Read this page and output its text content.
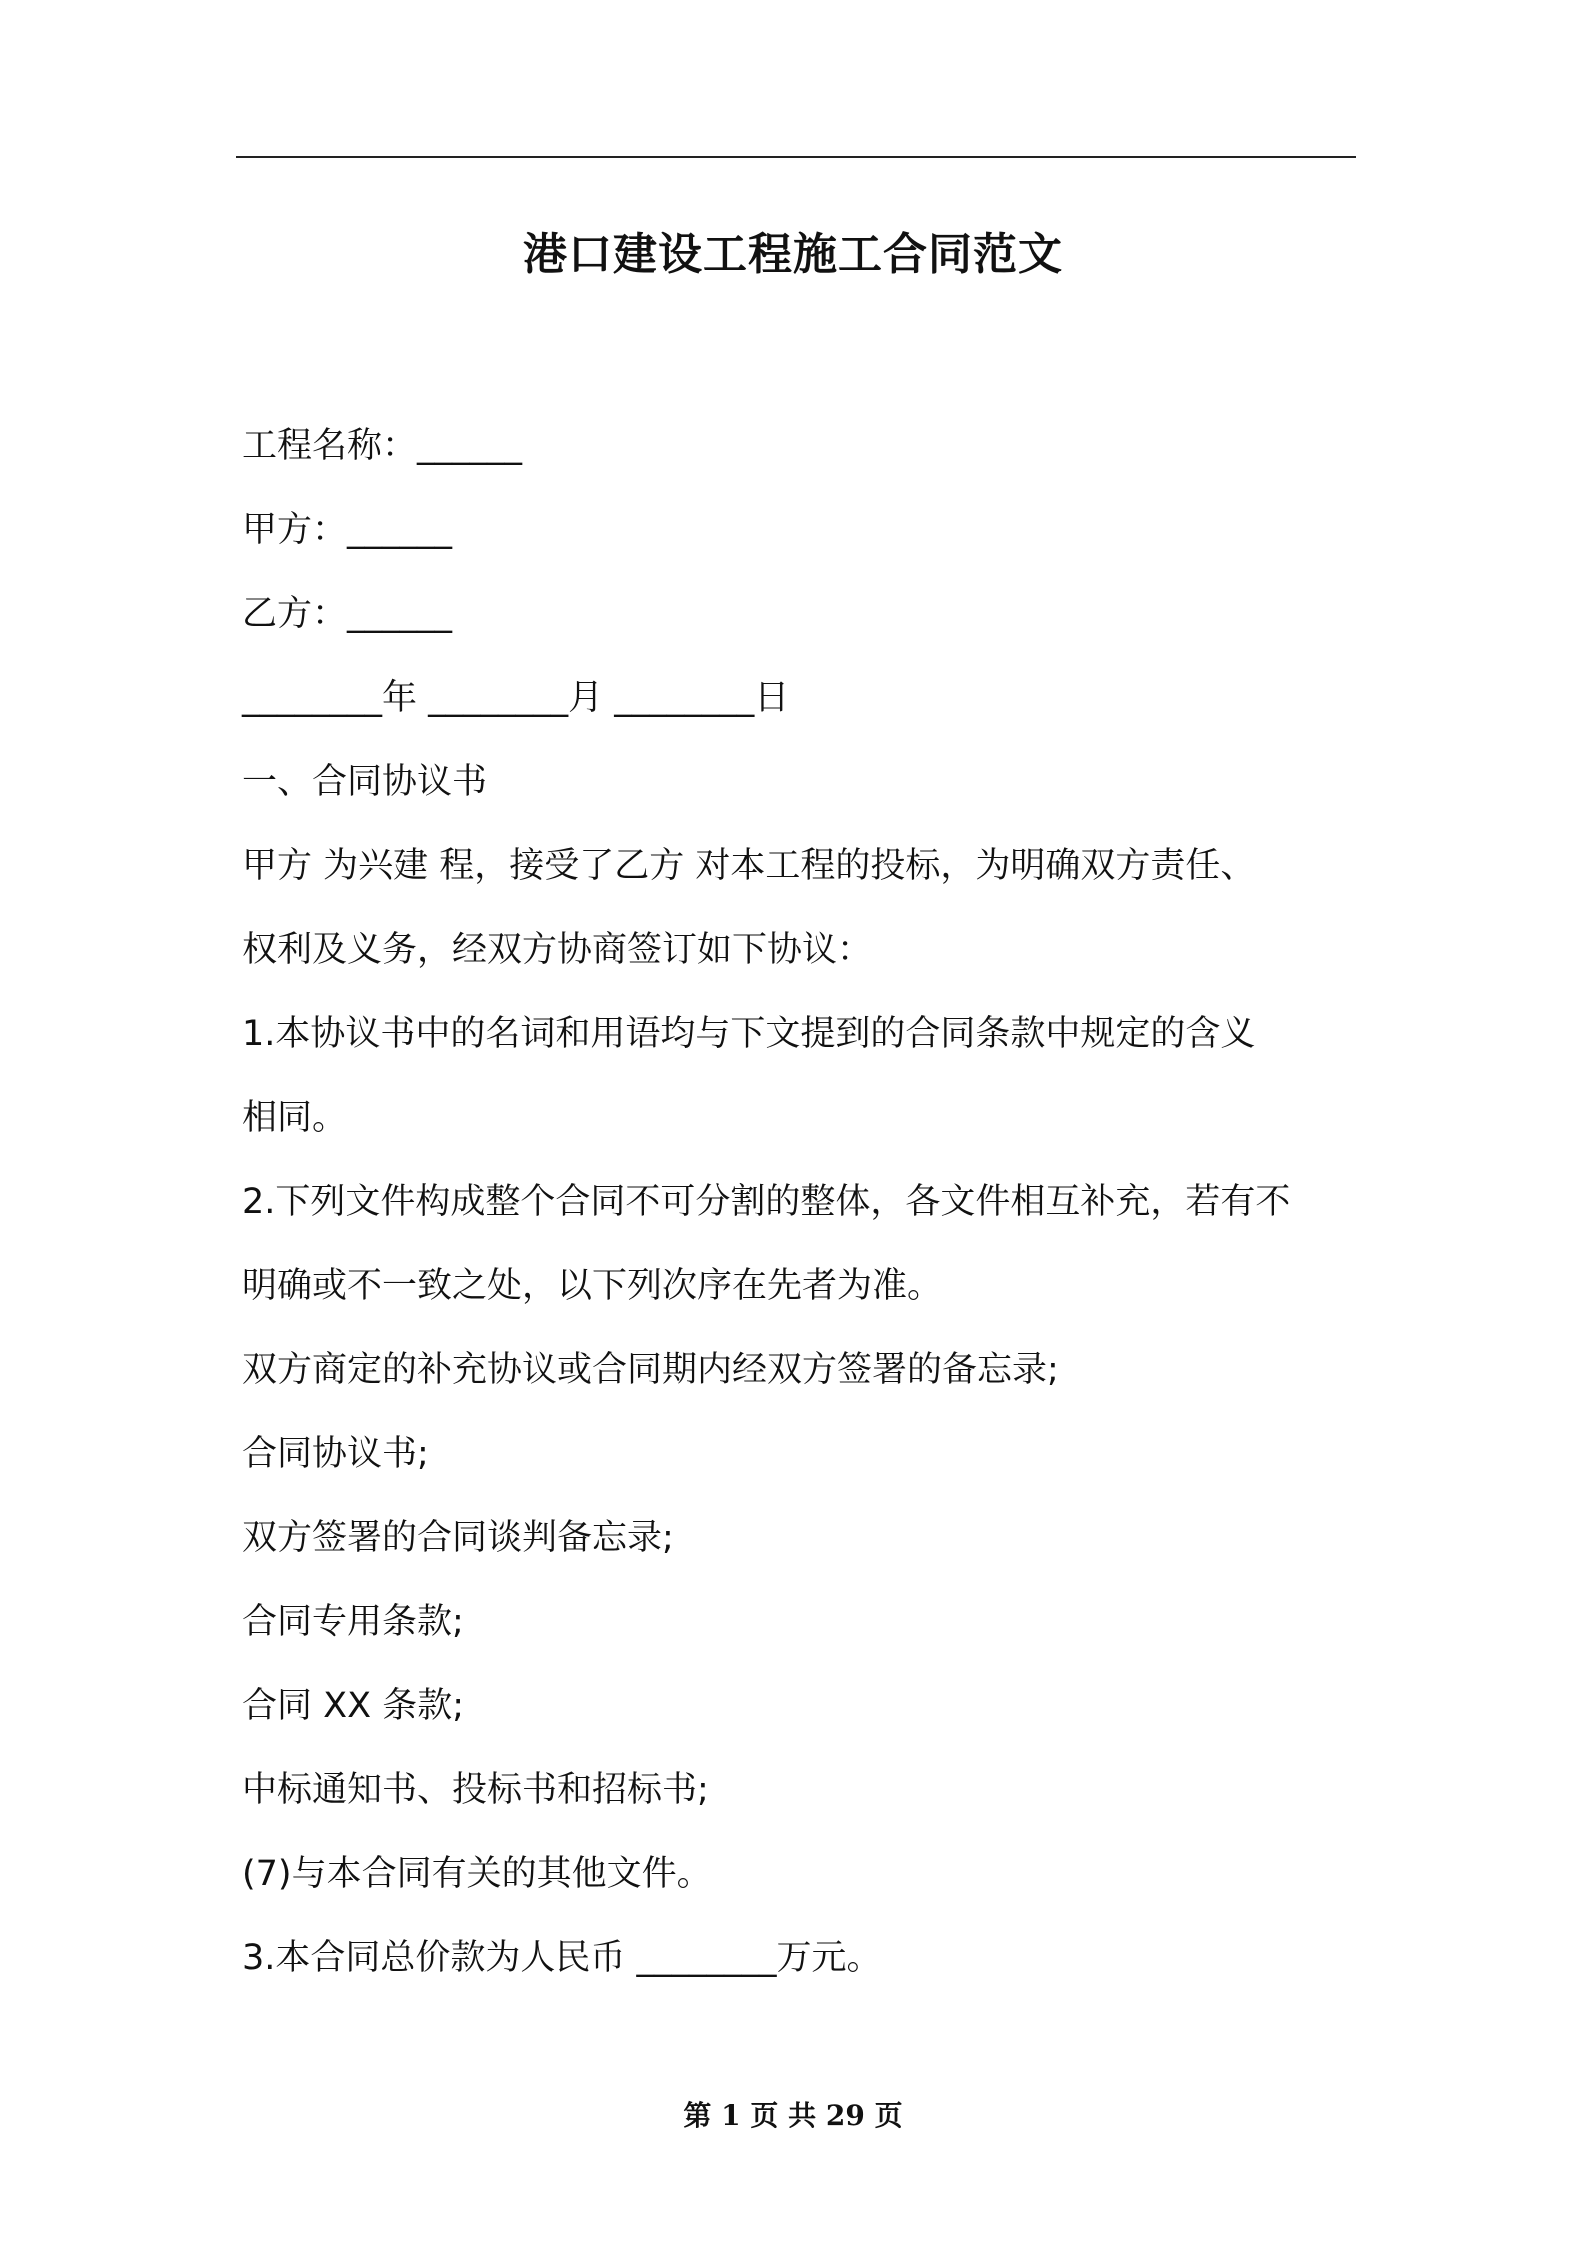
港口建设工程施工合同范文
工程名称：______
甲方：______
乙方：______
________年 ________月 ________日
一、合同协议书
甲方 为兴建 程，接受了乙方 对本工程的投标，为明确双方责任、
权利及义务，经双方协商签订如下协议：
1.本协议书中的名词和用语均与下文提到的合同条款中规定的含义
相同。
2.下列文件构成整个合同不可分割的整体，各文件相互补充，若有不
明确或不一致之处，以下列次序在先者为准。
双方商定的补充协议或合同期内经双方签署的备忘录;
合同协议书;
双方签署的合同谈判备忘录;
合同专用条款;
合同 XX 条款;
中标通知书、投标书和招标书;
(7)与本合同有关的其他文件。
3.本合同总价款为人民币 ________万元。
第 1 页 共 29 页
